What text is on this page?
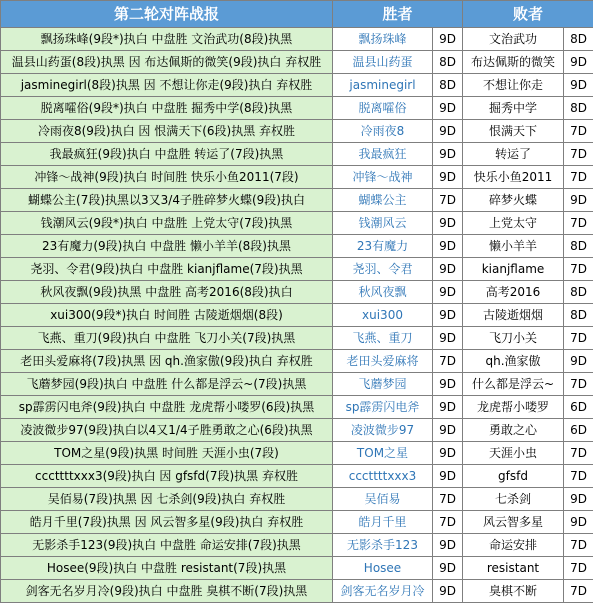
第二轮对阵战报	胜者		败者	
飘扬珠峰(9段*)执白 中盘胜 文治武功(8段)执黑	飘扬珠峰	9D	文治武功	8D
温县山药蛋(8段)执黑 因 布达佩斯的微笑(9段)执白 弃权胜	温县山药蛋	8D	布达佩斯的微笑	9D
jasminegirl(8段)执黑 因 不想让你走(9段)执白 弃权胜	jasminegirl	8D	不想让你走	9D
脱离嚯俗(9段*)执白 中盘胜 掘秀中学(8段)执黑	脱离嚯俗	9D	掘秀中学	8D
冷雨夜8(9段)执白 因 恨满天下(6段)执黑 弃权胜	冷雨夜8	9D	恨满天下	7D
我最疯狂(9段)执白 中盘胜 转运了(7段)执黑	我最疯狂	9D	转运了	7D
冲锋～战神(9段)执白 时间胜 快乐小鱼2011(7段)	冲锋～战神	9D	快乐小鱼2011	7D
蝴蝶公主(7段)执黑以3又3/4子胜碎梦火蝶(9段)执白	蝴蝶公主	7D	碎梦火蝶	9D
钱潮风云(9段*)执白 中盘胜 上党太守(7段)执黑	钱潮风云	9D	上党太守	7D
23有魔力(9段)执白 中盘胜 懒小羊羊(8段)执黑	23有魔力	9D	懒小羊羊	8D
尧羽、令君(9段)执白 中盘胜 kianjflame(7段)执黑	尧羽、令君	9D	kianjflame	7D
秋风夜飘(9段)执黑 中盘胜 高考2016(8段)执白	秋风夜飘	9D	高考2016	8D
xui300(9段*)执白 时间胜 古陵逝烟烟(8段)	xui300	9D	古陵逝烟烟	8D
飞燕、重刀(9段)执白 中盘胜 飞刀小关(7段)执黑	飞燕、重刀	9D	飞刀小关	7D
老田头爱麻将(7段)执黑 因 qh.渔家傲(9段)执白 弃权胜	老田头爱麻将	7D	qh.渔家傲	9D
飞蘑梦园(9段)执白 中盘胜 什么都是浮云~(7段)执黑	飞蘑梦园	9D	什么都是浮云~	7D
sp霹雳闪电斧(9段)执白 中盘胜 龙虎帮小喽罗(6段)执黑	sp霹雳闪电斧	9D	龙虎帮小喽罗	6D
凌波微步97(9段)执白以4又1/4子胜勇敢之心(6段)执黑	凌波微步97	9D	勇敢之心	6D
TOM之星(9段)执黑 时间胜 天涯小虫(7段)	TOM之星	9D	天涯小虫	7D
cccttttxxx3(9段)执白 因 gfsfd(7段)执黑 弃权胜	cccttttxxx3	9D	gfsfd	7D
吴佰易(7段)执黑 因 七杀剑(9段)执白 弃权胜	吴佰易	7D	七杀剑	9D
皓月千里(7段)执黑 因 风云智多星(9段)执白 弃权胜	皓月千里	7D	风云智多星	9D
无影杀手123(9段)执白 中盘胜 命运安排(7段)执黑	无影杀手123	9D	命运安排	7D
Hosee(9段)执白 中盘胜 resistant(7段)执黑	Hosee	9D	resistant	7D
剑客无名岁月冷(9段)执白 中盘胜 臭棋不断(7段)执黑	剑客无名岁月冷	9D	臭棋不断	7D
